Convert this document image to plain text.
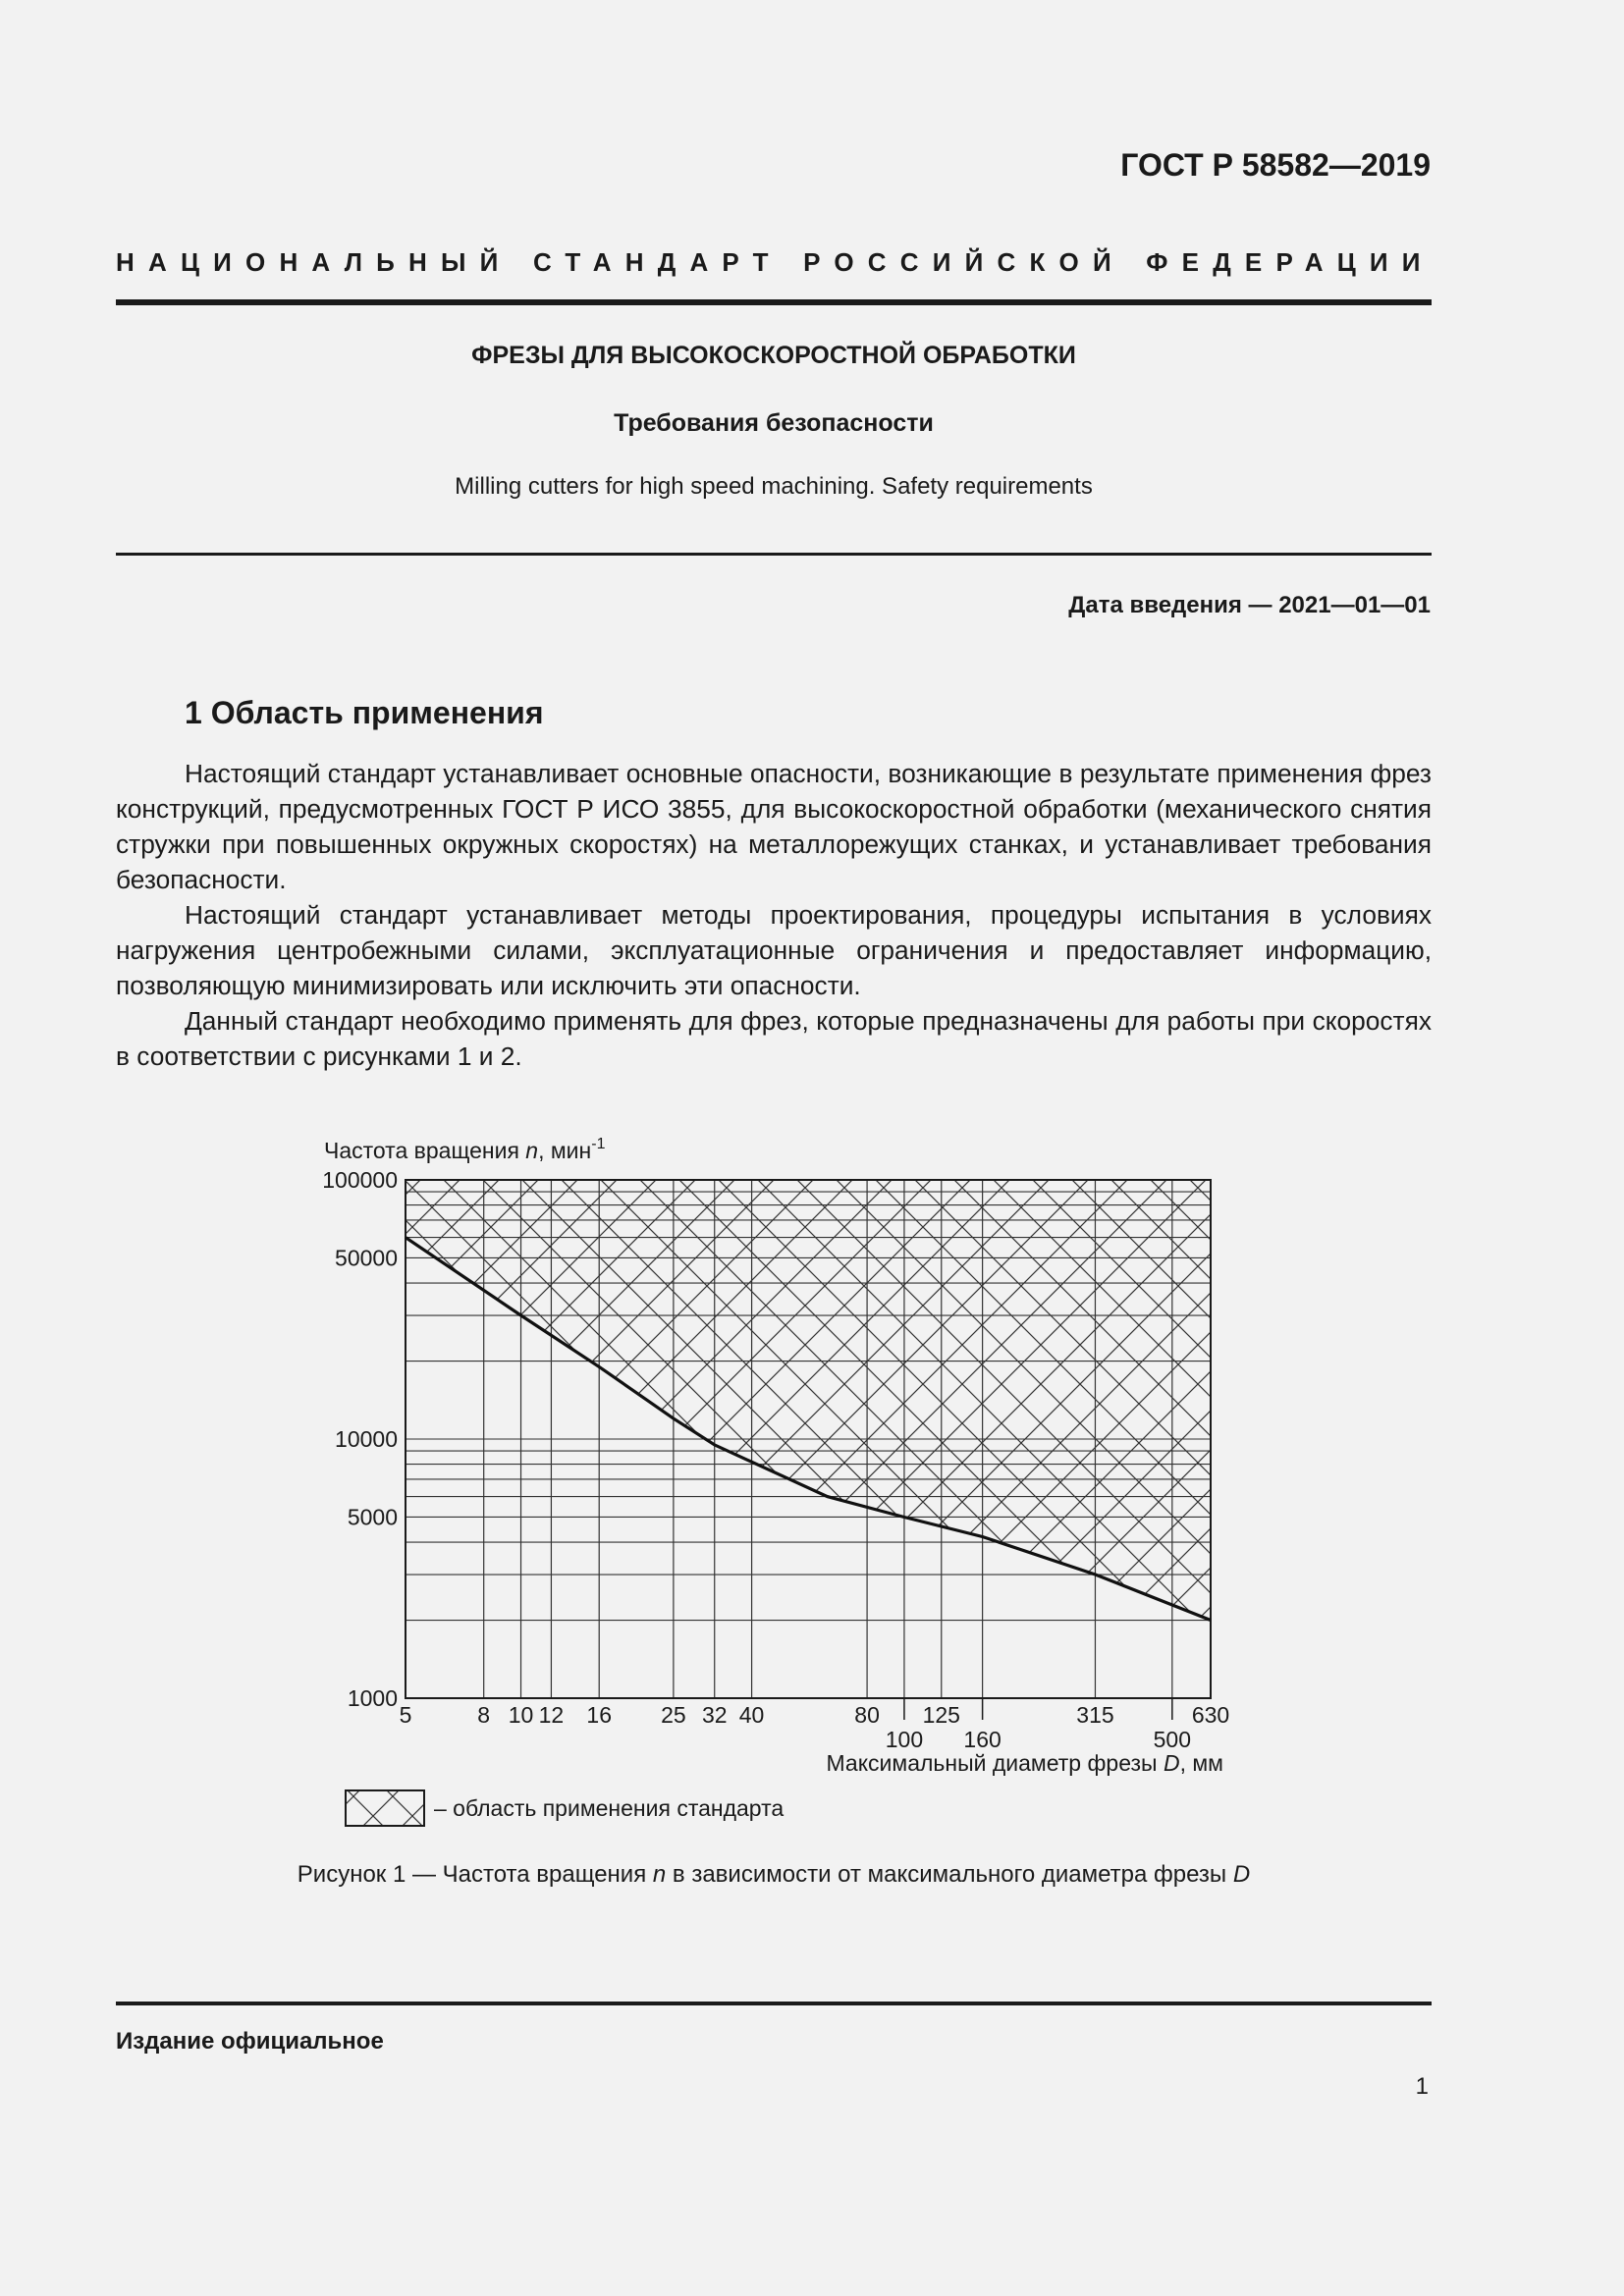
ГОСТ Р 58582—2019
НАЦИОНАЛЬНЫЙ СТАНДАРТ РОССИЙСКОЙ ФЕДЕРАЦИИ
ФРЕЗЫ ДЛЯ ВЫСОКОСКОРОСТНОЙ ОБРАБОТКИ
Требования безопасности
Milling cutters for high speed machining. Safety requirements
Дата введения — 2021—01—01
1 Область применения

Настоящий стандарт устанавливает основные опасности, возникающие в результате применения фрез конструкций, предусмотренных ГОСТ Р ИСО 3855, для высокоскоростной обработки (механического снятия стружки при повышенных окружных скоростях) на металлорежущих станках, и устанавливает требования безопасности.

Настоящий стандарт устанавливает методы проектирования, процедуры испытания в условиях нагружения центробежными силами, эксплуатационные ограничения и предоставляет информацию, позволяющую минимизировать или исключить эти опасности.

Данный стандарт необходимо применять для фрез, которые предназначены для работы при скоростях в соответствии с рисунками 1 и 2.

Частота вращения n, мин$^{-1}$
1000
5000
10000
50000
100000
5	8 10 12 16 25 32 40	80 125	315	630
100 160	500
Максимальный диаметр фрезы D, мм
– область применения стандарта
Рисунок 1 — Частота вращения n в зависимости от максимального диаметра фрезы D
Издание официальное
1
